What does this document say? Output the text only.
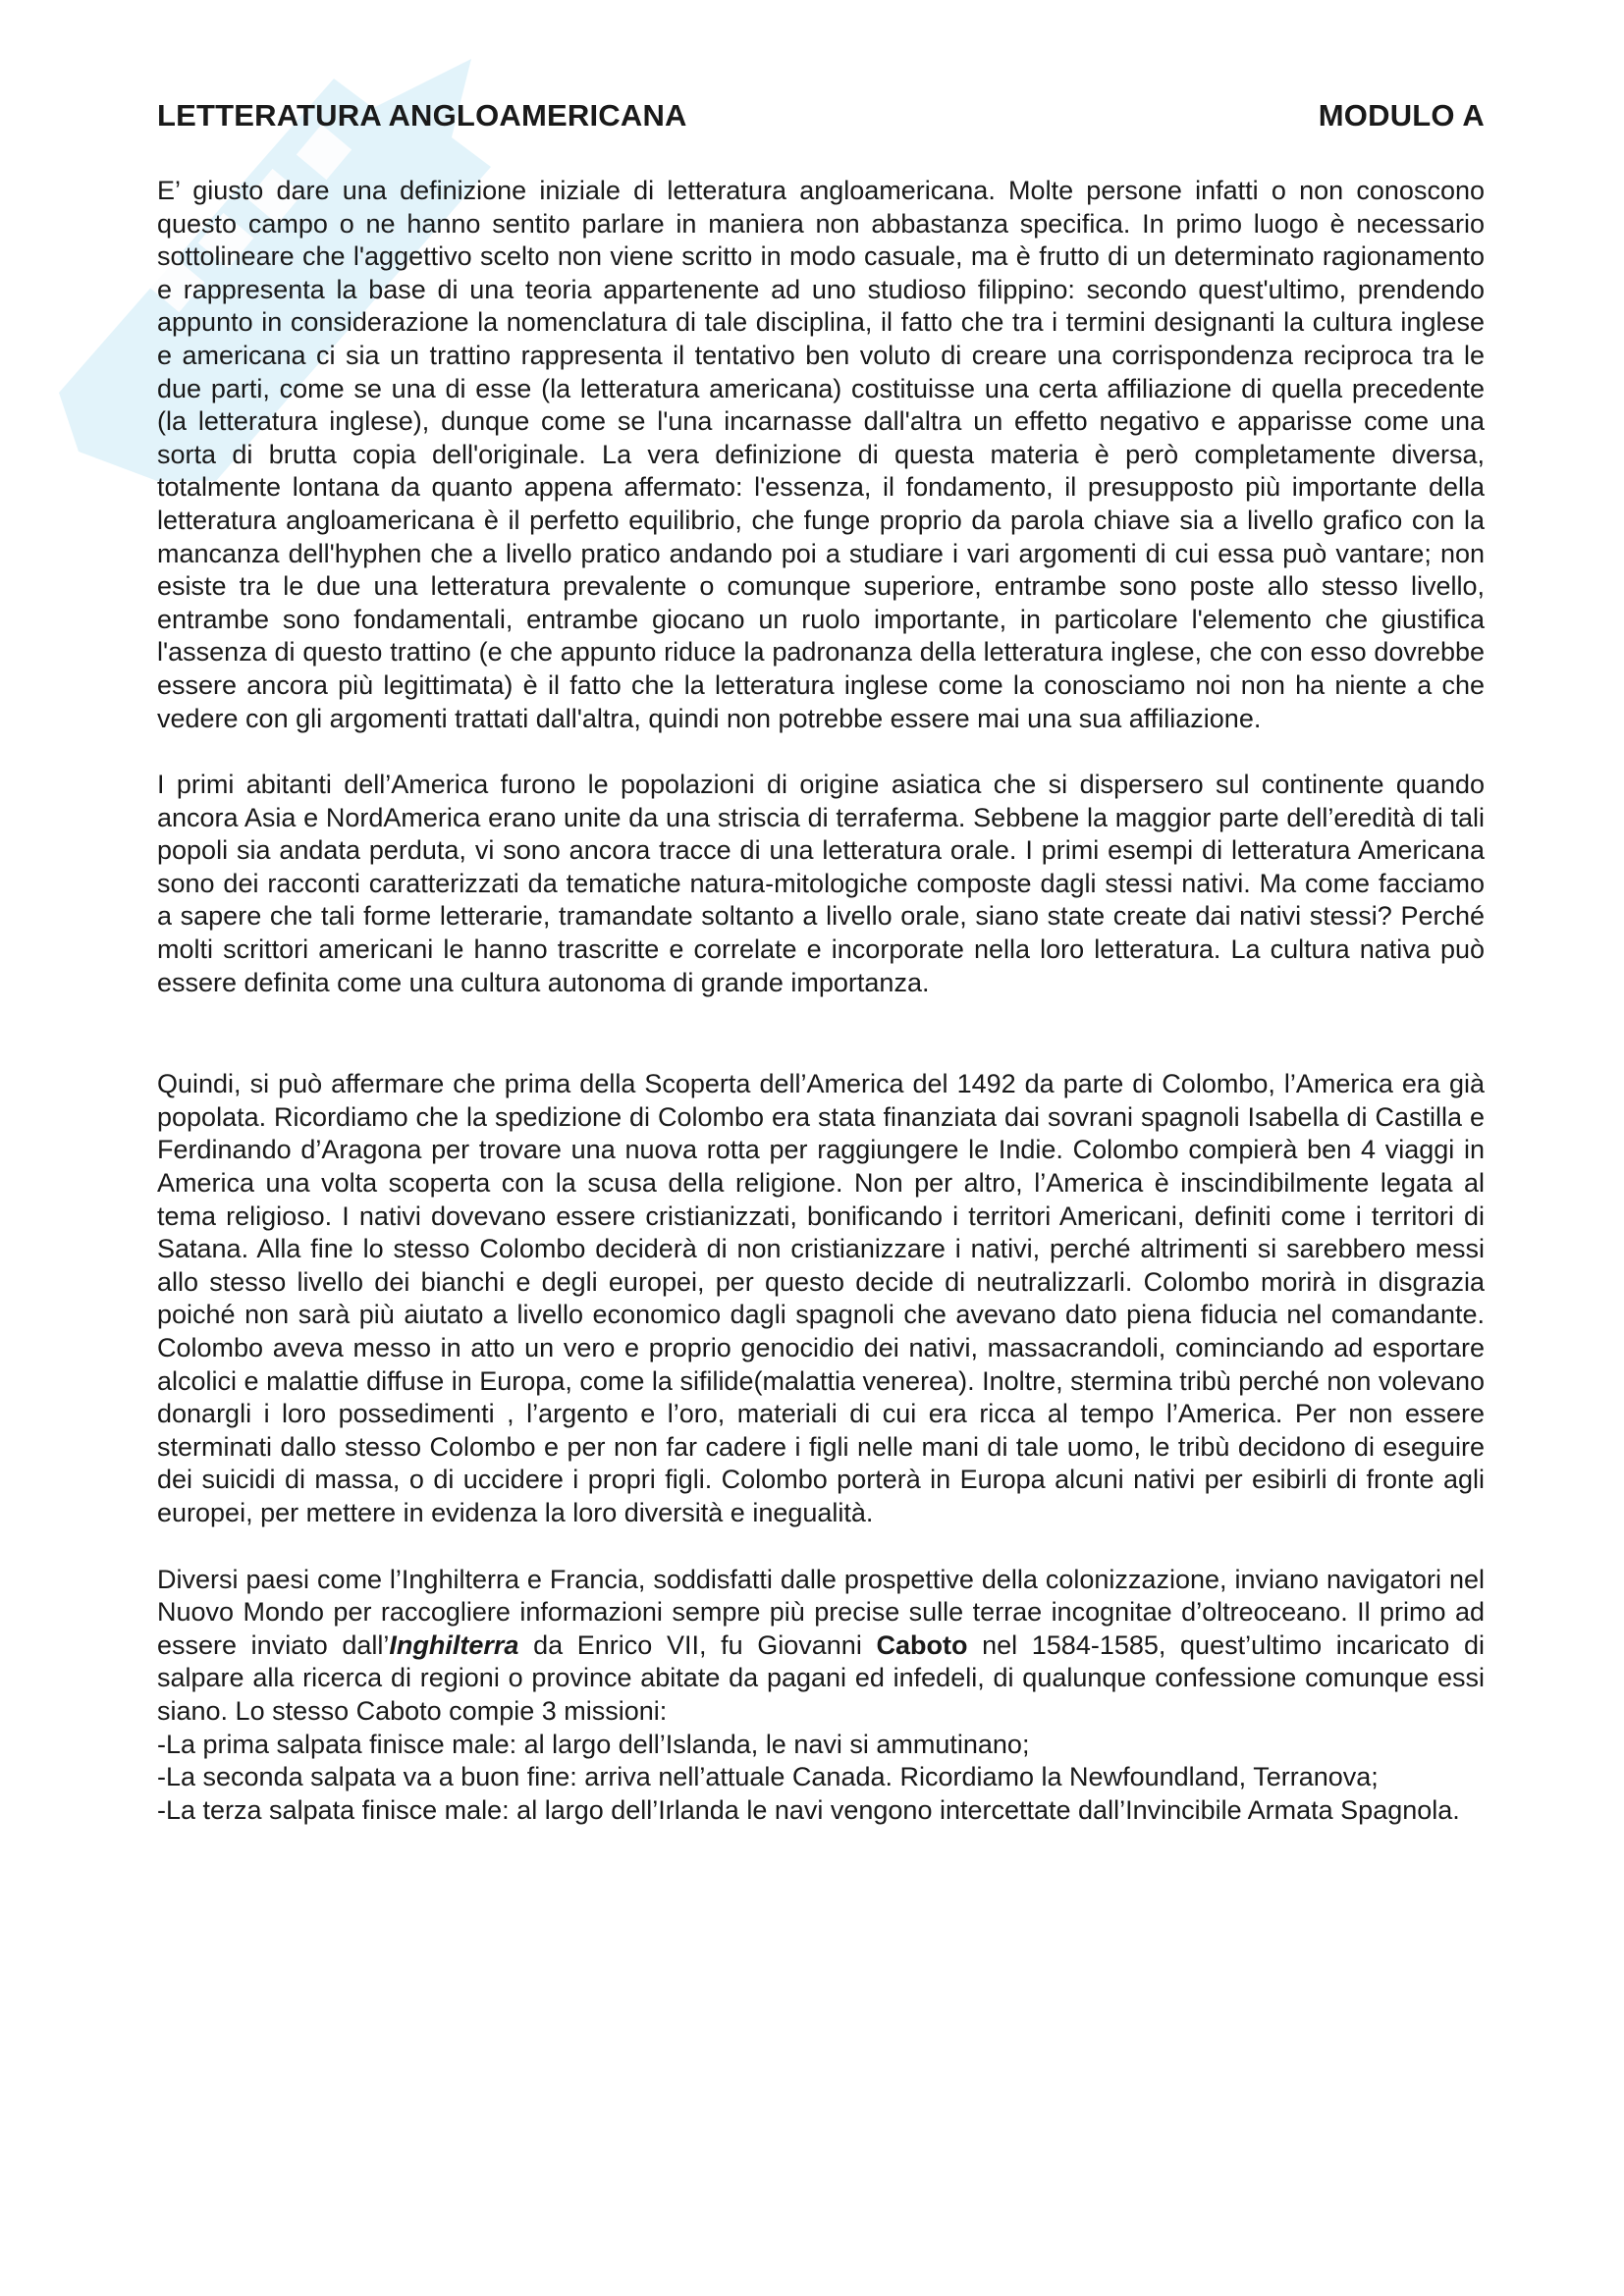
LETTERATURA ANGLOAMERICANA	MODULO A

E’ giusto dare una definizione iniziale di letteratura angloamericana. Molte persone infatti o non conoscono questo campo o ne hanno sentito parlare in maniera non abbastanza specifica. In primo luogo è necessario sottolineare che l'aggettivo scelto non viene scritto in modo casuale, ma è frutto di un determinato ragionamento e rappresenta la base di una teoria appartenente ad uno studioso filippino: secondo quest'ultimo, prendendo appunto in considerazione la nomenclatura di tale disciplina, il fatto che tra i termini designanti la cultura inglese e americana ci sia un trattino rappresenta il tentativo ben voluto di creare una corrispondenza reciproca tra le due parti, come se una di esse (la letteratura americana) costituisse una certa affiliazione di quella precedente (la letteratura inglese), dunque come se l'una incarnasse dall'altra un effetto negativo e apparisse come una sorta di brutta copia dell'originale. La vera definizione di questa materia è però completamente diversa, totalmente lontana da quanto appena affermato: l'essenza, il fondamento, il presupposto più importante della letteratura angloamericana è il perfetto equilibrio, che funge proprio da parola chiave sia a livello grafico con la mancanza dell'hyphen che a livello pratico andando poi a studiare i vari argomenti di cui essa può vantare; non esiste tra le due una letteratura prevalente o comunque superiore, entrambe sono poste allo stesso livello, entrambe sono fondamentali, entrambe giocano un ruolo importante, in particolare l'elemento che giustifica l'assenza di questo trattino (e che appunto riduce la padronanza della letteratura inglese, che con esso dovrebbe essere ancora più legittimata) è il fatto che la letteratura inglese come la conosciamo noi non ha niente a che vedere con gli argomenti trattati dall'altra, quindi non potrebbe essere mai una sua affiliazione.

I primi abitanti dell’America furono le popolazioni di origine asiatica che si dispersero sul continente quando ancora Asia e NordAmerica erano unite da una striscia di terraferma. Sebbene la maggior parte dell’eredità di tali popoli sia andata perduta, vi sono ancora tracce di una letteratura orale. I primi esempi di letteratura Americana sono dei racconti caratterizzati da tematiche natura-mitologiche composte dagli stessi nativi. Ma come facciamo a sapere che tali forme letterarie, tramandate soltanto a livello orale, siano state create dai nativi stessi? Perché molti scrittori americani le hanno trascritte e correlate e incorporate nella loro letteratura. La cultura nativa può essere definita come una cultura autonoma di grande importanza.

Quindi, si può affermare che prima della Scoperta dell’America del 1492 da parte di Colombo, l’America era già popolata. Ricordiamo che la spedizione di Colombo era stata finanziata dai sovrani spagnoli Isabella di Castilla e Ferdinando d’Aragona per trovare una nuova rotta per raggiungere le Indie. Colombo compierà ben 4 viaggi in America una volta scoperta con la scusa della religione. Non per altro, l’America è inscindibilmente legata al tema religioso. I nativi dovevano essere cristianizzati, bonificando i territori Americani, definiti come i territori di Satana. Alla fine lo stesso Colombo deciderà di non cristianizzare i nativi, perché altrimenti si sarebbero messi allo stesso livello dei bianchi e degli europei, per questo decide di neutralizzarli. Colombo morirà in disgrazia poiché non sarà più aiutato a livello economico dagli spagnoli che avevano dato piena fiducia nel comandante. Colombo aveva messo in atto un vero e proprio genocidio dei nativi, massacrandoli, cominciando ad esportare alcolici e malattie diffuse in Europa, come la sifilide(malattia venerea). Inoltre, stermina tribù perché non volevano donargli i loro possedimenti , l’argento e l’oro, materiali di cui era ricca al tempo l’America. Per non essere sterminati dallo stesso Colombo e per non far cadere i figli nelle mani di tale uomo, le tribù decidono di eseguire dei suicidi di massa, o di uccidere i propri figli. Colombo porterà in Europa alcuni nativi per esibirli di fronte agli europei, per mettere in evidenza la loro diversità e inegualità.

Diversi paesi come l’Inghilterra e Francia, soddisfatti dalle prospettive della colonizzazione, inviano navigatori nel Nuovo Mondo per raccogliere informazioni sempre più precise sulle terrae incognitae d’oltreoceano. Il primo ad essere inviato dall’Inghilterra da Enrico VII, fu Giovanni Caboto nel 1584-1585, quest’ultimo incaricato di salpare alla ricerca di regioni o province abitate da pagani ed infedeli, di qualunque confessione comunque essi siano. Lo stesso Caboto compie 3 missioni:
-La prima salpata finisce male: al largo dell’Islanda, le navi si ammutinano;
-La seconda salpata va a buon fine: arriva nell’attuale Canada. Ricordiamo la Newfoundland, Terranova;
-La terza salpata finisce male: al largo dell’Irlanda le navi vengono intercettate dall’Invincibile Armata Spagnola.
